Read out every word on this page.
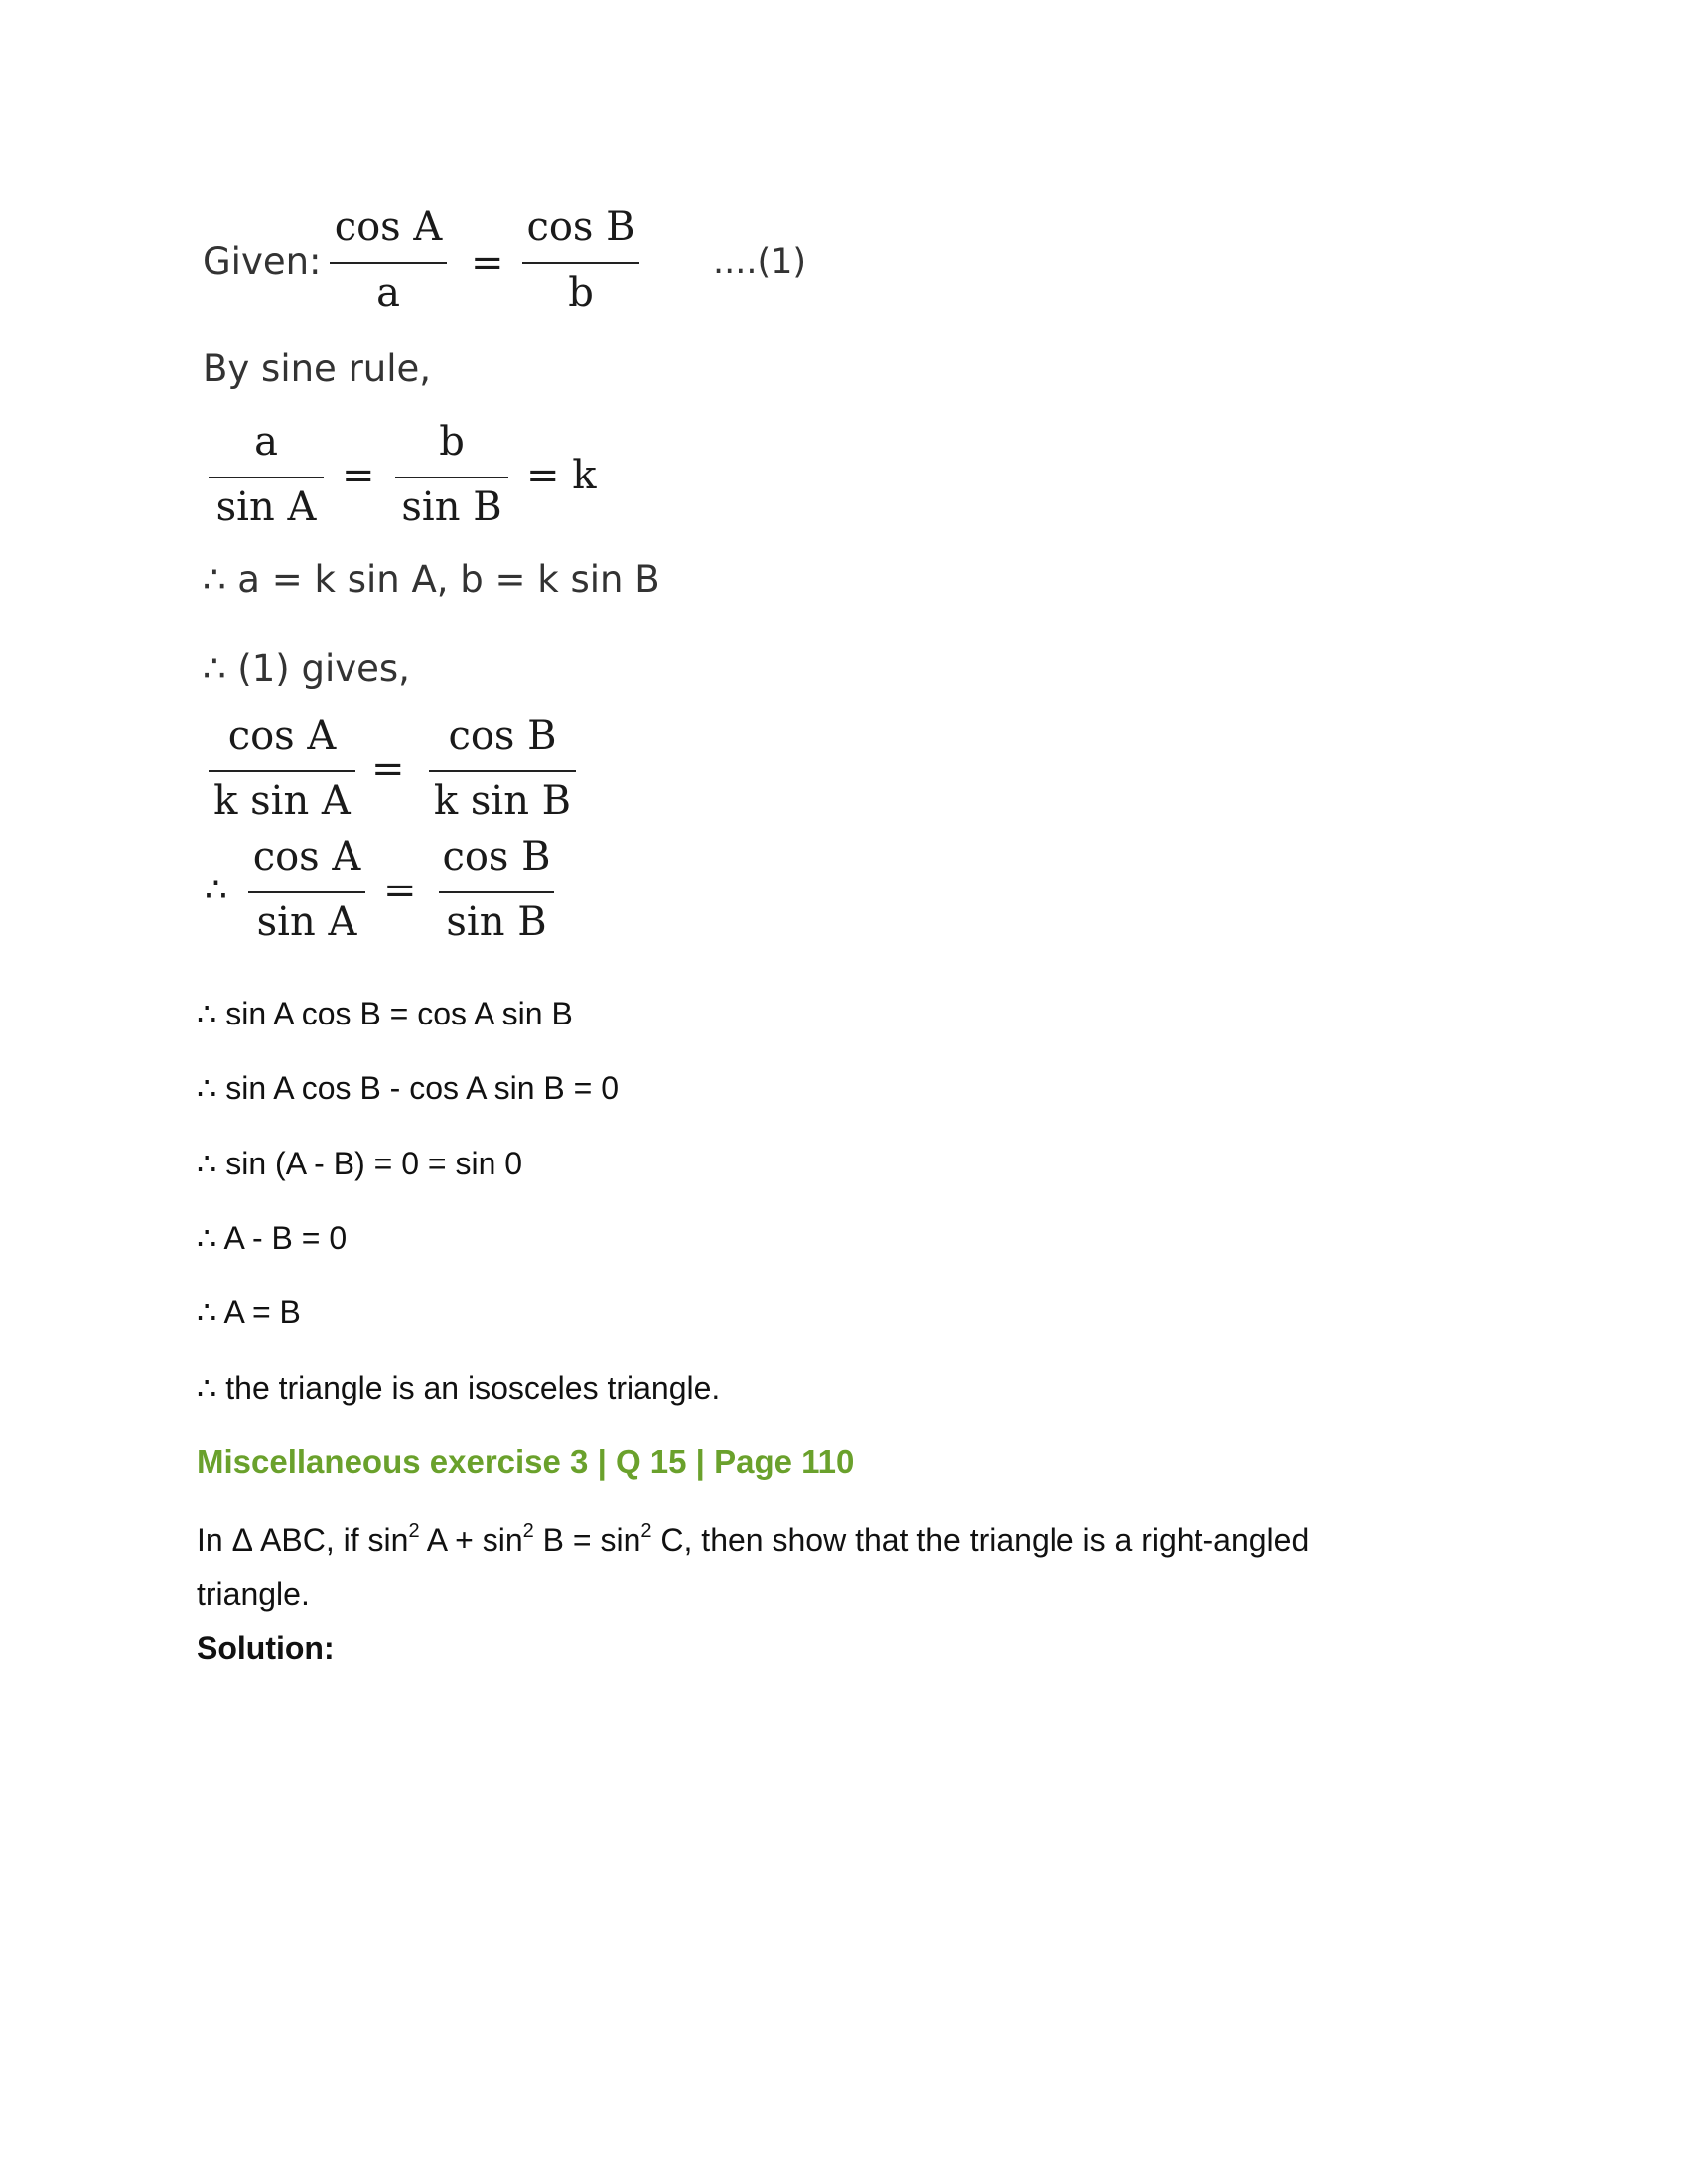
Given:
cos A
a
=
cos B
b
....(1)
By sine rule,
a
sin A
=
b
sin B
= k
∴ a = k sin A, b = k sin B
∴ (1) gives,
cos A
k sin A
=
cos B
k sin B
∴
cos A
sin A
=
cos B
sin B
∴ sin A cos B = cos A sin B
∴ sin A cos B - cos A sin B = 0
∴ sin (A - B) = 0 = sin 0
∴ A - B = 0
∴ A = B
∴ the triangle is an isosceles triangle.
Miscellaneous exercise 3 | Q 15 | Page 110
In Δ ABC, if $\sin^2 A + \sin^2 B = \sin^2 C$, then show that the triangle is a right-angled
triangle.
Solution:
